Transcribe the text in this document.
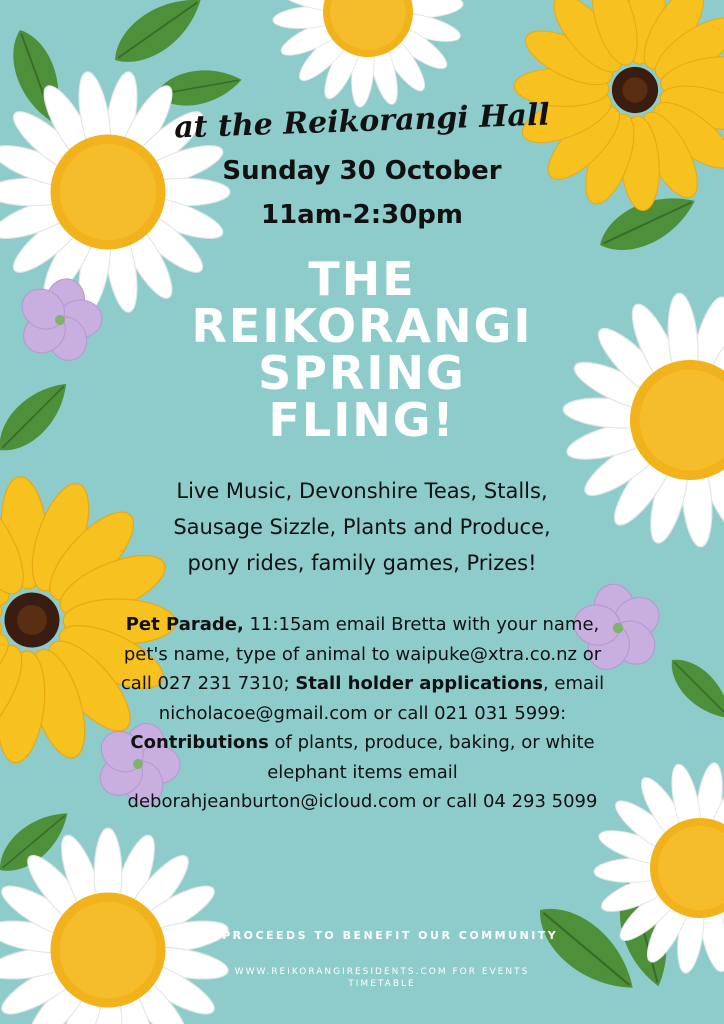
at the Reikorangi Hall
Sunday 30 October
11am-2:30pm
THE
REIKORANGI
SPRING
FLING!
Live Music, Devonshire Teas, Stalls,
Sausage Sizzle, Plants and Produce,
pony rides, family games, Prizes!
Pet Parade, 11:15am email Bretta with your name, pet's name, type of animal to waipuke@xtra.co.nz or call 027 231 7310; Stall holder applications, email nicholacoe@gmail.com or call 021 031 5999: Contributions of plants, produce, baking, or white elephant items email deborahjeanburton@icloud.com or call 04 293 5099
ALL PROCEEDS TO BENEFIT OUR COMMUNITY
WWW.REIKORANGIRESIDENTS.COM FOR EVENTS TIMETABLE
